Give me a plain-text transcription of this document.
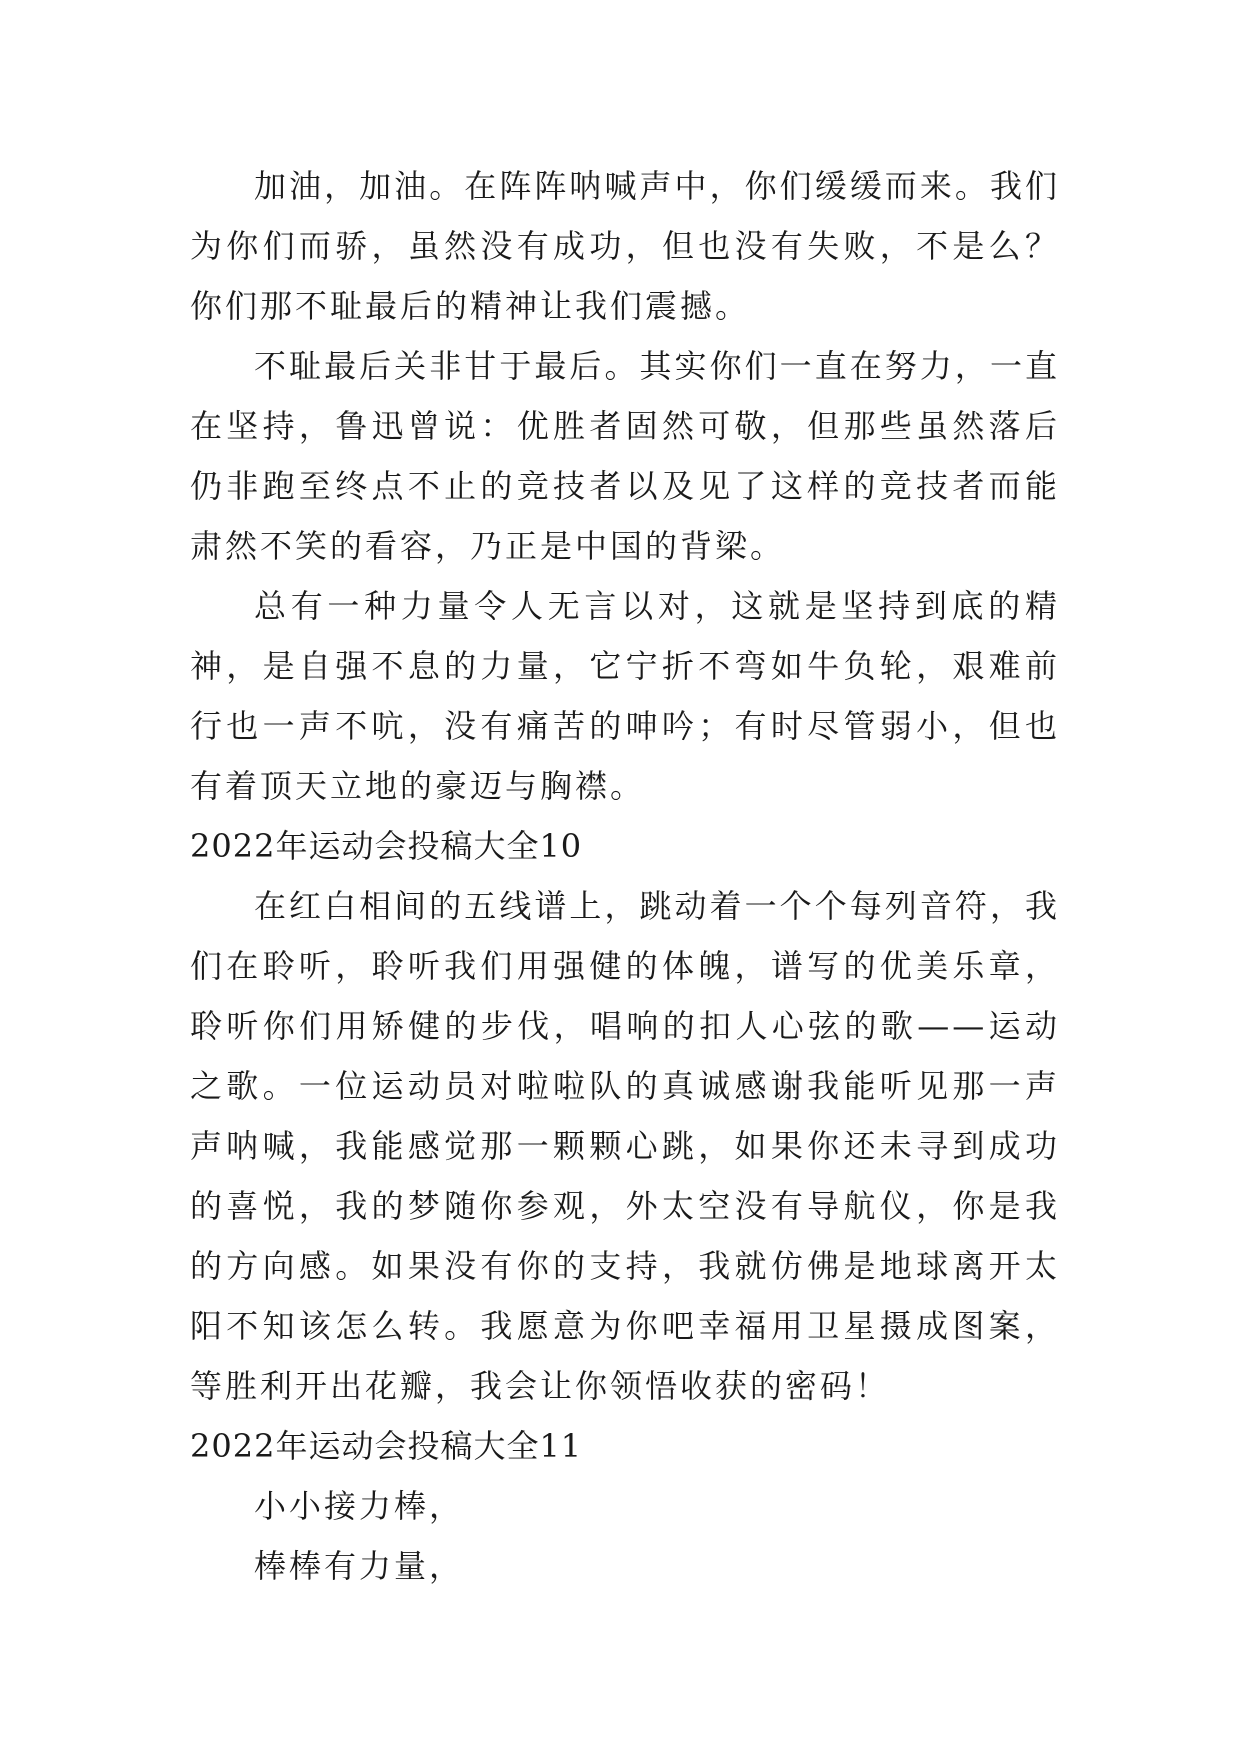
加油，加油。在阵阵呐喊声中，你们缓缓而来。我们为你们而骄，虽然没有成功，但也没有失败，不是么？你们那不耻最后的精神让我们震撼。

不耻最后关非甘于最后。其实你们一直在努力，一直在坚持，鲁迅曾说：优胜者固然可敬，但那些虽然落后仍非跑至终点不止的竞技者以及见了这样的竞技者而能肃然不笑的看容，乃正是中国的背梁。

总有一种力量令人无言以对，这就是坚持到底的精神，是自强不息的力量，它宁折不弯如牛负轮，艰难前行也一声不吭，没有痛苦的呻吟；有时尽管弱小，但也有着顶天立地的豪迈与胸襟。

2022年运动会投稿大全10

在红白相间的五线谱上，跳动着一个个每列音符，我们在聆听，聆听我们用强健的体魄，谱写的优美乐章，聆听你们用矫健的步伐，唱响的扣人心弦的歌——运动之歌。一位运动员对啦啦队的真诚感谢我能听见那一声声呐喊，我能感觉那一颗颗心跳，如果你还未寻到成功的喜悦，我的梦随你参观，外太空没有导航仪，你是我的方向感。如果没有你的支持，我就仿佛是地球离开太阳不知该怎么转。我愿意为你吧幸福用卫星摄成图案，等胜利开出花瓣，我会让你领悟收获的密码！

2022年运动会投稿大全11

小小接力棒，

棒棒有力量，
